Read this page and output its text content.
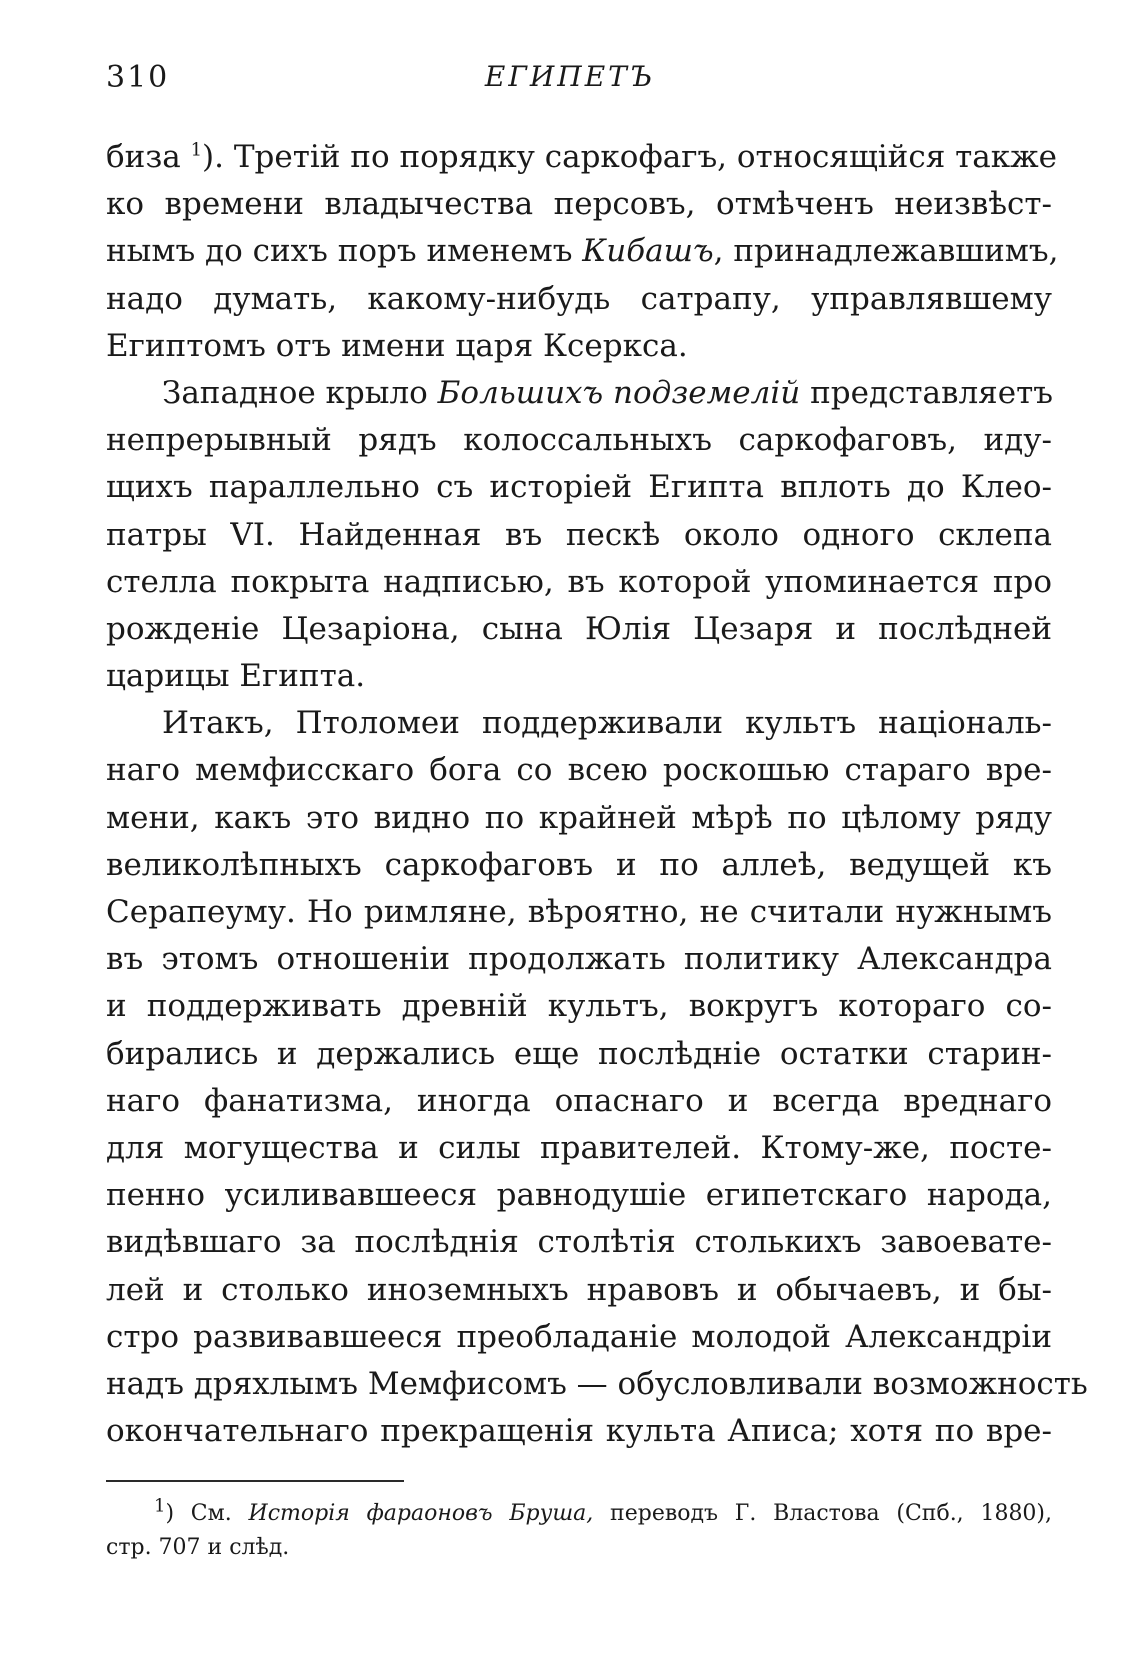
310	ЕГИПЕТЪ
биза $^1$). Третій по порядку саркофагъ, относящійся также
ко времени владычества персовъ, отмѣченъ неизвѣст-
нымъ до сихъ поръ именемъ Кибашъ, принадлежавшимъ,
надо думать, какому-нибудь сатрапу, управлявшему
Египтомъ отъ имени царя Ксеркса.
Западное крыло Большихъ подземелій представляетъ
непрерывный рядъ колоссальныхъ саркофаговъ, иду-
щихъ параллельно съ исторіей Египта вплоть до Клео-
патры VI. Найденная въ пескѣ около одного склепа
стелла покрыта надписью, въ которой упоминается про
рожденіе Цезаріона, сына Юлія Цезаря и послѣдней
царицы Египта.
Итакъ, Птоломеи поддерживали культъ національ-
наго мемфисскаго бога со всею роскошью стараго вре-
мени, какъ это видно по крайней мѣрѣ по цѣлому ряду
великолѣпныхъ саркофаговъ и по аллеѣ, ведущей къ
Серапеуму. Но римляне, вѣроятно, не считали нужнымъ
въ этомъ отношеніи продолжать политику Александра
и поддерживать древній культъ, вокругъ котораго со-
бирались и держались еще послѣдніе остатки старин-
наго фанатизма, иногда опаснаго и всегда вреднаго
для могущества и силы правителей. Ктому-же, посте-
пенно усиливавшееся равнодушіе египетскаго народа,
видѣвшаго за послѣднія столѣтія столькихъ завоевате-
лей и столько иноземныхъ нравовъ и обычаевъ, и бы-
стро развивавшееся преобладаніе молодой Александріи
надъ дряхлымъ Мемфисомъ — обусловливали возможность
окончательнаго прекращенія культа Аписа; хотя по вре-
$^1$) См. Исторія фараоновъ Бруша, переводъ Г. Властова (Спб., 1880),
стр. 707 и слѣд.
